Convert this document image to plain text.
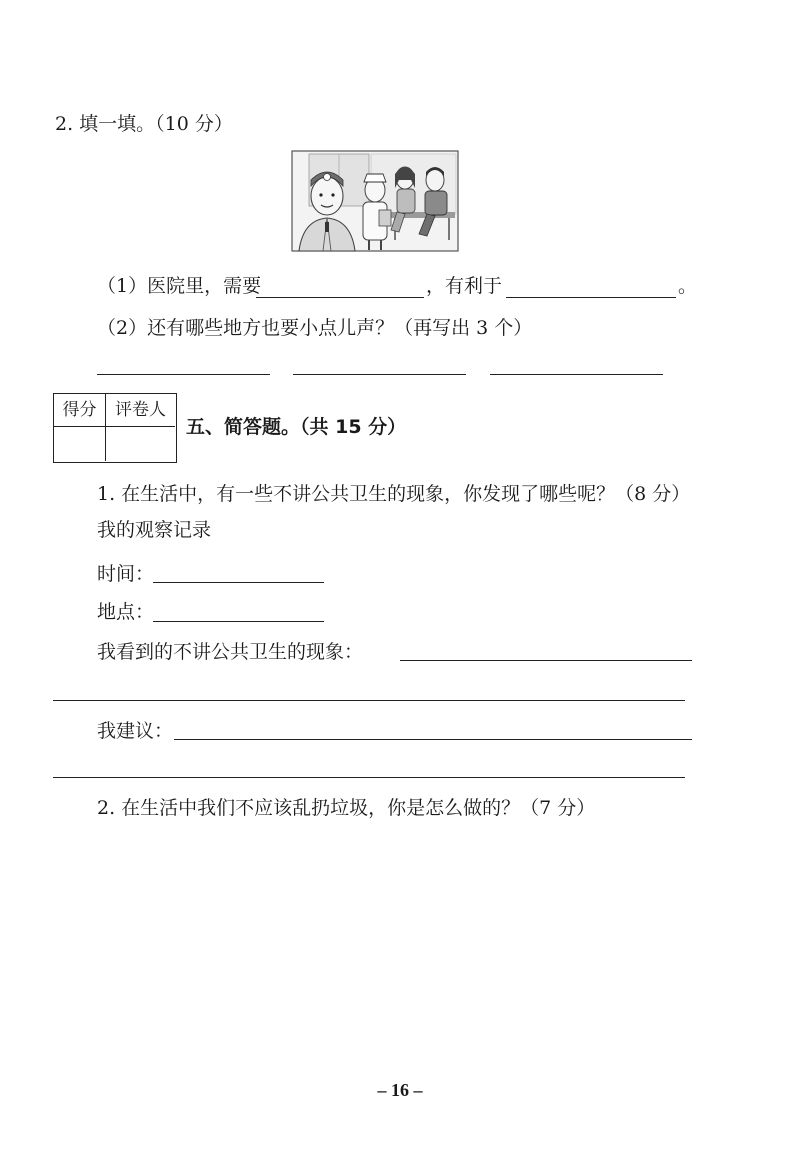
2. 填一填。（10 分）
（1）医院里，需要	，有利于	。
（2）还有哪些地方也要小点儿声？（再写出 3 个）
得分	评卷人
五、简答题。（共 15 分）
1. 在生活中，有一些不讲公共卫生的现象，你发现了哪些呢？（8 分）
我的观察记录
时间：
地点：
我看到的不讲公共卫生的现象：
我建议：
2. 在生活中我们不应该乱扔垃圾，你是怎么做的？（7 分）
– 16 –
